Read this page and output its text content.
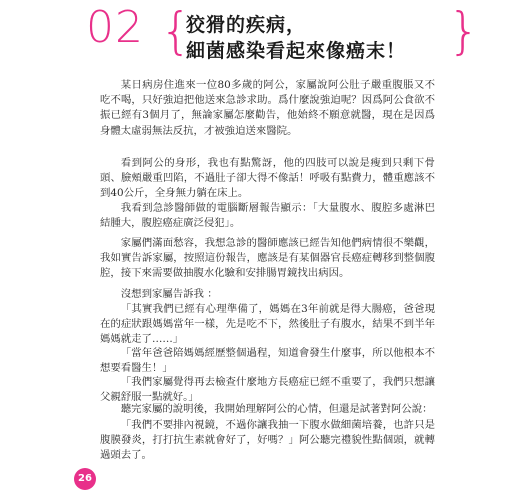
02 {
狡猾的疾病，
細菌感染看起來像癌末！ }

某日病房住進來一位80多歲的阿公，家屬說阿公肚子嚴重腹脹又不吃不喝，只好強迫把他送來急診求助。爲什麼說強迫呢？因爲阿公食欲不振已經有3個月了，無論家屬怎麼勸告，他始終不願意就醫，現在是因爲身體太虛弱無法反抗，才被強迫送來醫院。

看到阿公的身形，我也有點驚訝，他的四肢可以說是瘦到只剩下骨頭、臉頰嚴重凹陷，不過肚子卻大得不像話！呼吸有點費力，體重應該不到40公斤，全身無力躺在床上。

我看到急診醫師做的電腦斷層報告顯示：「大量腹水、腹腔多處淋巴結腫大，腹腔癌症廣泛侵犯」。

家屬們滿面愁容，我想急診的醫師應該已經告知他們病情很不樂觀，我如實告訴家屬，按照這份報告，應該是有某個器官長癌症轉移到整個腹腔，接下來需要做抽腹水化驗和安排腸胃鏡找出病因。

沒想到家屬告訴我 ：

「其實我們已經有心理準備了，媽媽在3年前就是得大腸癌，爸爸現在的症狀跟媽媽當年一樣，先是吃不下，然後肚子有腹水，結果不到半年媽媽就走了……」

「當年爸爸陪媽媽經歷整個過程，知道會發生什麼事，所以他根本不想要看醫生！」

「我們家屬覺得再去檢查什麼地方長癌症已經不重要了，我們只想讓父親舒服一點就好。」

聽完家屬的說明後，我開始理解阿公的心情，但還是試著對阿公說：

「我們不要排內視鏡，不過你讓我抽一下腹水做細菌培養，也許只是腹膜發炎，打打抗生素就會好了，好嗎？」阿公聽完禮貌性點個頭，就轉過頭去了。

26
